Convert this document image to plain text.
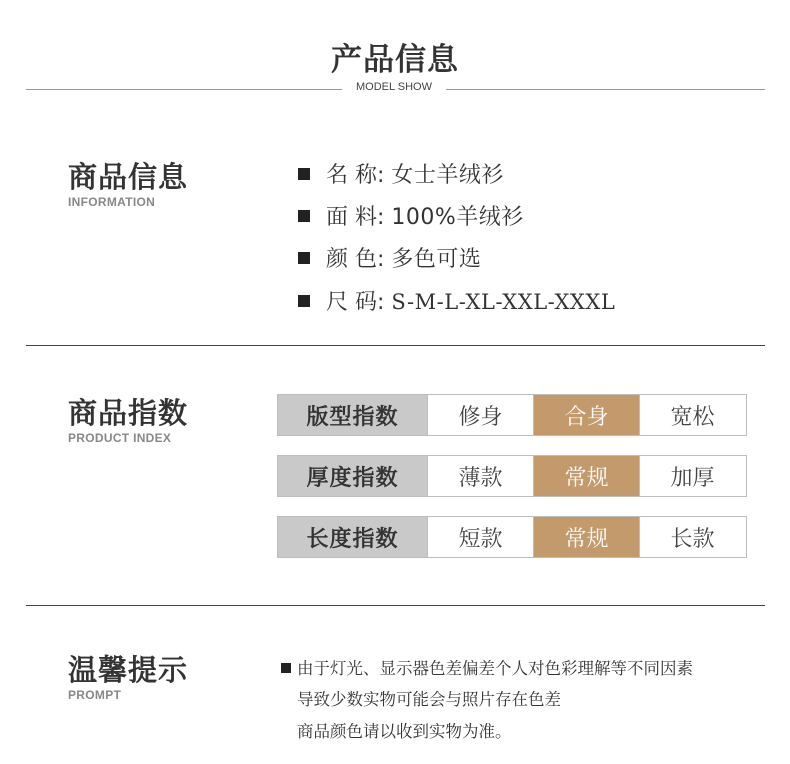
产品信息
MODEL SHOW
商品信息
INFORMATION
名 称: 女士羊绒衫
面 料: 100%羊绒衫
颜 色: 多色可选
尺 码: S-M-L-XL-XXL-XXXL
商品指数
PRODUCT INDEX
版型指数	修身	合身	宽松
厚度指数	薄款	常规	加厚
长度指数	短款	常规	长款
温馨提示
PROMPT
由于灯光、显示器色差偏差个人对色彩理解等不同因素
导致少数实物可能会与照片存在色差
商品颜色请以收到实物为准。
